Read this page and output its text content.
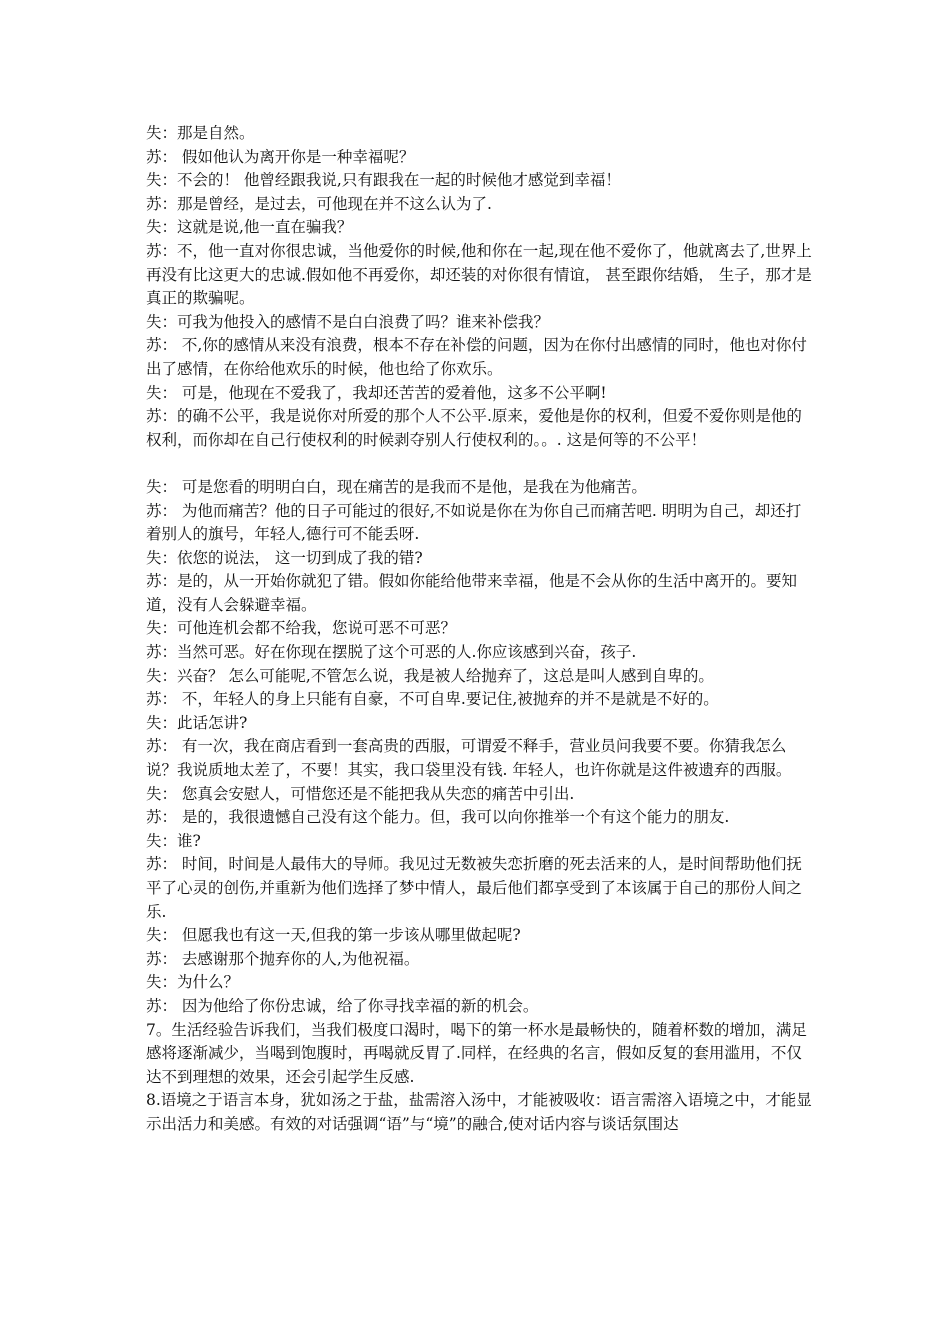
失：那是自然。

苏： 假如他认为离开你是一种幸福呢？

失：不会的！ 他曾经跟我说,只有跟我在一起的时候他才感觉到幸福！

苏：那是曾经，是过去，可他现在并不这么认为了.

失：这就是说,他一直在骗我？

苏：不，他一直对你很忠诚，当他爱你的时候,他和你在一起,现在他不爱你了，他就离去了,世界上再没有比这更大的忠诚.假如他不再爱你，却还装的对你很有情谊， 甚至跟你结婚， 生子，那才是真正的欺骗呢。

失：可我为他投入的感情不是白白浪费了吗？谁来补偿我？

苏： 不,你的感情从来没有浪费，根本不存在补偿的问题，因为在你付出感情的同时，他也对你付出了感情，在你给他欢乐的时候，他也给了你欢乐。

失： 可是，他现在不爱我了，我却还苦苦的爱着他，这多不公平啊!

苏：的确不公平，我是说你对所爱的那个人不公平.原来，爱他是你的权利，但爱不爱你则是他的权利，而你却在自己行使权利的时候剥夺别人行使权利的。。. 这是何等的不公平！

失： 可是您看的明明白白，现在痛苦的是我而不是他，是我在为他痛苦。

苏： 为他而痛苦？他的日子可能过的很好,不如说是你在为你自己而痛苦吧. 明明为自己，却还打着别人的旗号，年轻人,德行可不能丢呀.

失：依您的说法， 这一切到成了我的错?

苏：是的，从一开始你就犯了错。假如你能给他带来幸福，他是不会从你的生活中离开的。要知道，没有人会躲避幸福。

失：可他连机会都不给我，您说可恶不可恶？

苏：当然可恶。好在你现在摆脱了这个可恶的人.你应该感到兴奋，孩子.

失：兴奋？ 怎么可能呢,不管怎么说，我是被人给抛弃了，这总是叫人感到自卑的。

苏： 不，年轻人的身上只能有自豪，不可自卑.要记住,被抛弃的并不是就是不好的。

失：此话怎讲?

苏： 有一次，我在商店看到一套高贵的西服，可谓爱不释手，营业员问我要不要。你猜我怎么说？我说质地太差了，不要！其实，我口袋里没有钱. 年轻人，也许你就是这件被遗弃的西服。

失： 您真会安慰人，可惜您还是不能把我从失恋的痛苦中引出.

苏： 是的，我很遗憾自己没有这个能力。但，我可以向你推举一个有这个能力的朋友.

失：谁?

苏： 时间，时间是人最伟大的导师。我见过无数被失恋折磨的死去活来的人，是时间帮助他们抚平了心灵的创伤,并重新为他们选择了梦中情人，最后他们都享受到了本该属于自己的那份人间之乐.

失： 但愿我也有这一天,但我的第一步该从哪里做起呢?

苏： 去感谢那个抛弃你的人,为他祝福。

失：为什么？

苏： 因为他给了你份忠诚，给了你寻找幸福的新的机会。

7。生活经验告诉我们，当我们极度口渴时，喝下的第一杯水是最畅快的，随着杯数的增加，满足感将逐渐减少，当喝到饱腹时，再喝就反胃了.同样，在经典的名言，假如反复的套用滥用，不仅达不到理想的效果，还会引起学生反感.

8.语境之于语言本身，犹如汤之于盐，盐需溶入汤中，才能被吸收：语言需溶入语境之中，才能显示出活力和美感。有效的对话强调“语”与“境”的融合,使对话内容与谈话氛围达
